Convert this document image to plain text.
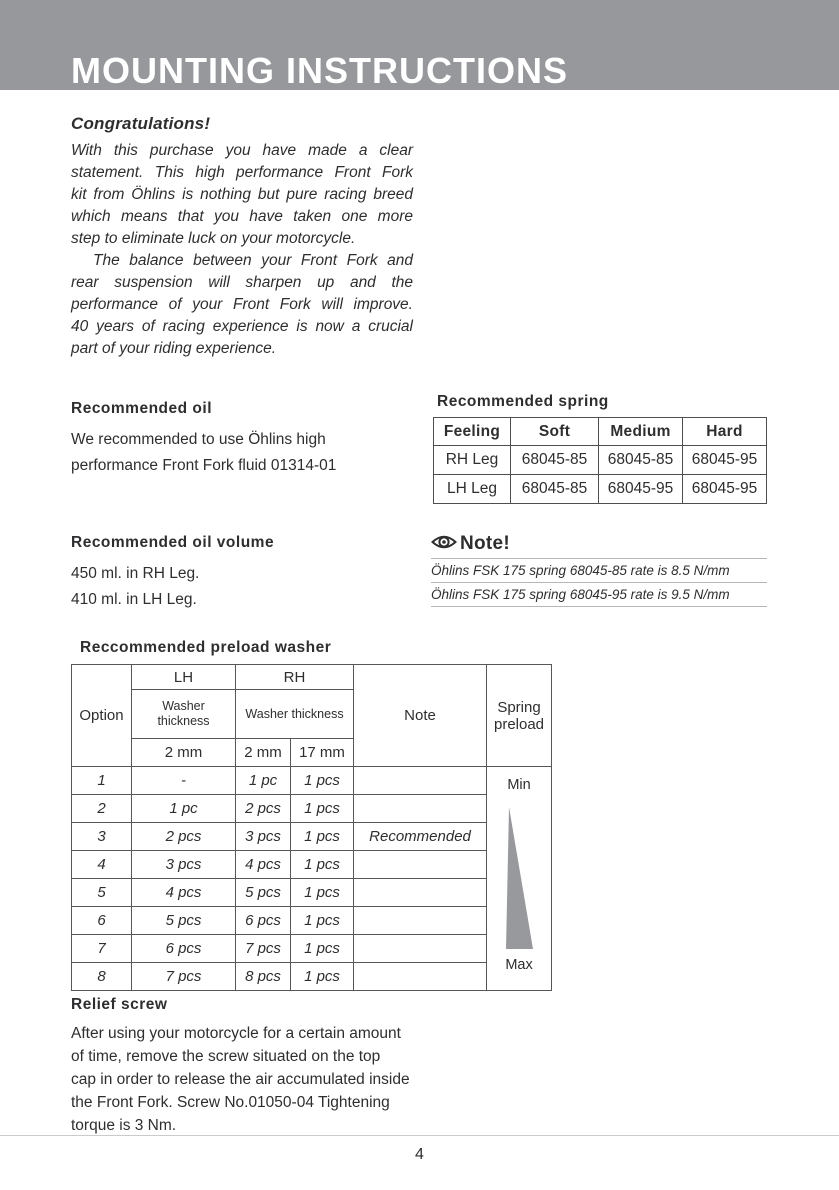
MOUNTING INSTRUCTIONS
Congratulations!
With this purchase you have made a clear
statement. This high performance Front Fork
kit from Öhlins is nothing but pure racing breed
which means that you have taken one more
step to eliminate luck on your motorcycle.
The balance between your Front Fork and
rear suspension will sharpen up and the
performance of your Front Fork will improve.
40 years of racing experience is now a crucial
part of your riding experience.
Recommended oil
We recommended to use Öhlins high
performance Front Fork fluid 01314-01
Recommended oil volume
450 ml. in RH Leg.
410 ml. in LH Leg.
Recommended spring
Feeling	Soft	Medium	Hard
RH Leg	68045-85	68045-85	68045-95
LH Leg	68045-85	68045-95	68045-95
Note!
Öhlins FSK 175 spring 68045-85 rate is 8.5 N/mm
Öhlins FSK 175 spring 68045-95 rate is 9.5 N/mm
Reccommended preload washer
Option	LH	RH		Note	Spring preload
	Washer thickness	Washer thickness			
	2 mm	2 mm	17 mm		
1	-	1 pc	1 pcs		Min
Max

2	1 pc	2 pcs	1 pcs		
3	2 pcs	3 pcs	1 pcs	Recommended	
4	3 pcs	4 pcs	1 pcs		
5	4 pcs	5 pcs	1 pcs		
6	5 pcs	6 pcs	1 pcs		
7	6 pcs	7 pcs	1 pcs		
8	7 pcs	8 pcs	1 pcs		
Relief screw
After using your motorcycle for a certain amount
of time, remove the screw situated on the top
cap in order to release the air accumulated inside
the Front Fork. Screw No.01050-04 Tightening
torque is 3 Nm.
4
